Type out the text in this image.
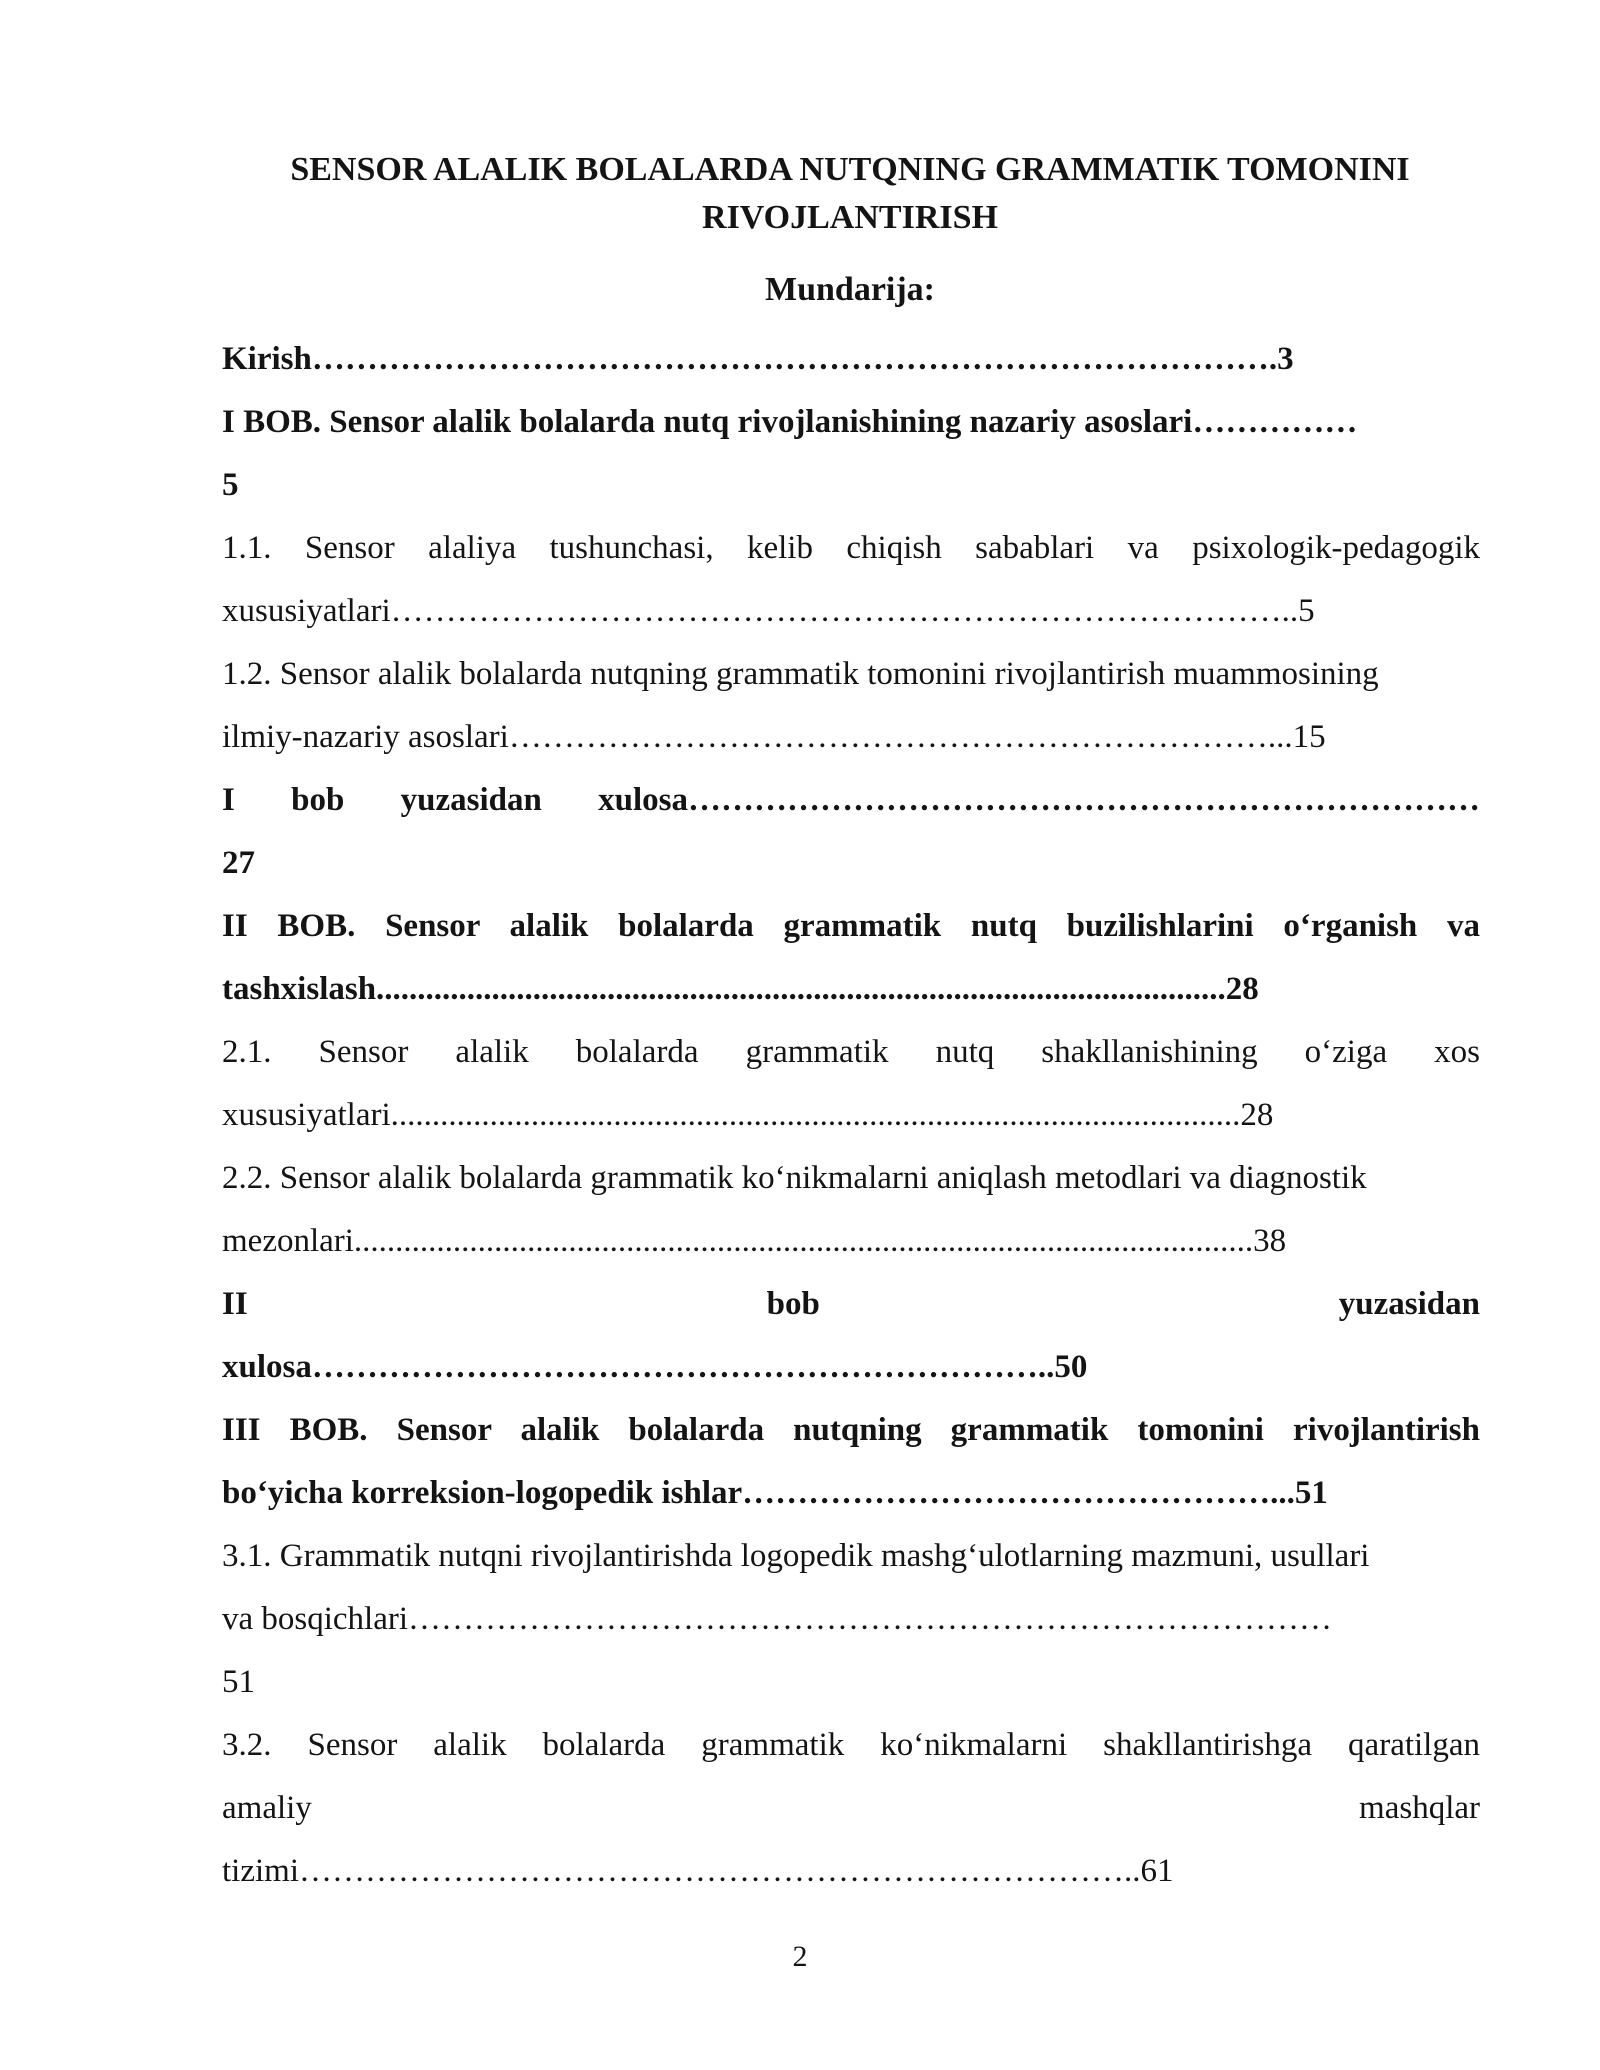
SENSOR ALALIK BOLALARDA NUTQNING GRAMMATIK TOMONINI
RIVOJLANTIRISH
Mundarija:
Kirish…………………………………………………………………………….3
I BOB. Sensor alalik bolalarda nutq rivojlanishining nazariy asoslari……………
5
1.1. Sensor alaliya tushunchasi, kelib chiqish sabablari va psixologik-pedagogik
xususiyatlari………………………………………………………………………..5
1.2. Sensor alalik bolalarda nutqning grammatik tomonini rivojlantirish muammosining
ilmiy-nazariy asoslari……………………………………………………………...15
I bob yuzasidan xulosa………………………………………………………………
27
II BOB. Sensor alalik bolalarda grammatik nutq buzilishlarini o‘rganish va
tashxislash.......................................................................................................28
2.1. Sensor alalik bolalarda grammatik nutq shakllanishining o‘ziga xos
xususiyatlari.......................................................................................................28
2.2. Sensor alalik bolalarda grammatik ko‘nikmalarni aniqlash metodlari va diagnostik
mezonlari.............................................................................................................38
II bob yuzasidan
xulosa…………………………………………………………..50
III BOB. Sensor alalik bolalarda nutqning grammatik tomonini rivojlantirish
bo‘yicha korreksion-logopedik ishlar…………………………………………...51
3.1. Grammatik nutqni rivojlantirishda logopedik mashg‘ulotlarning mazmuni, usullari
va bosqichlari…………………………………………………………………………
51
3.2. Sensor alalik bolalarda grammatik ko‘nikmalarni shakllantirishga qaratilgan
amaliy mashqlar
tizimi…………………………………………………………………..61
2
